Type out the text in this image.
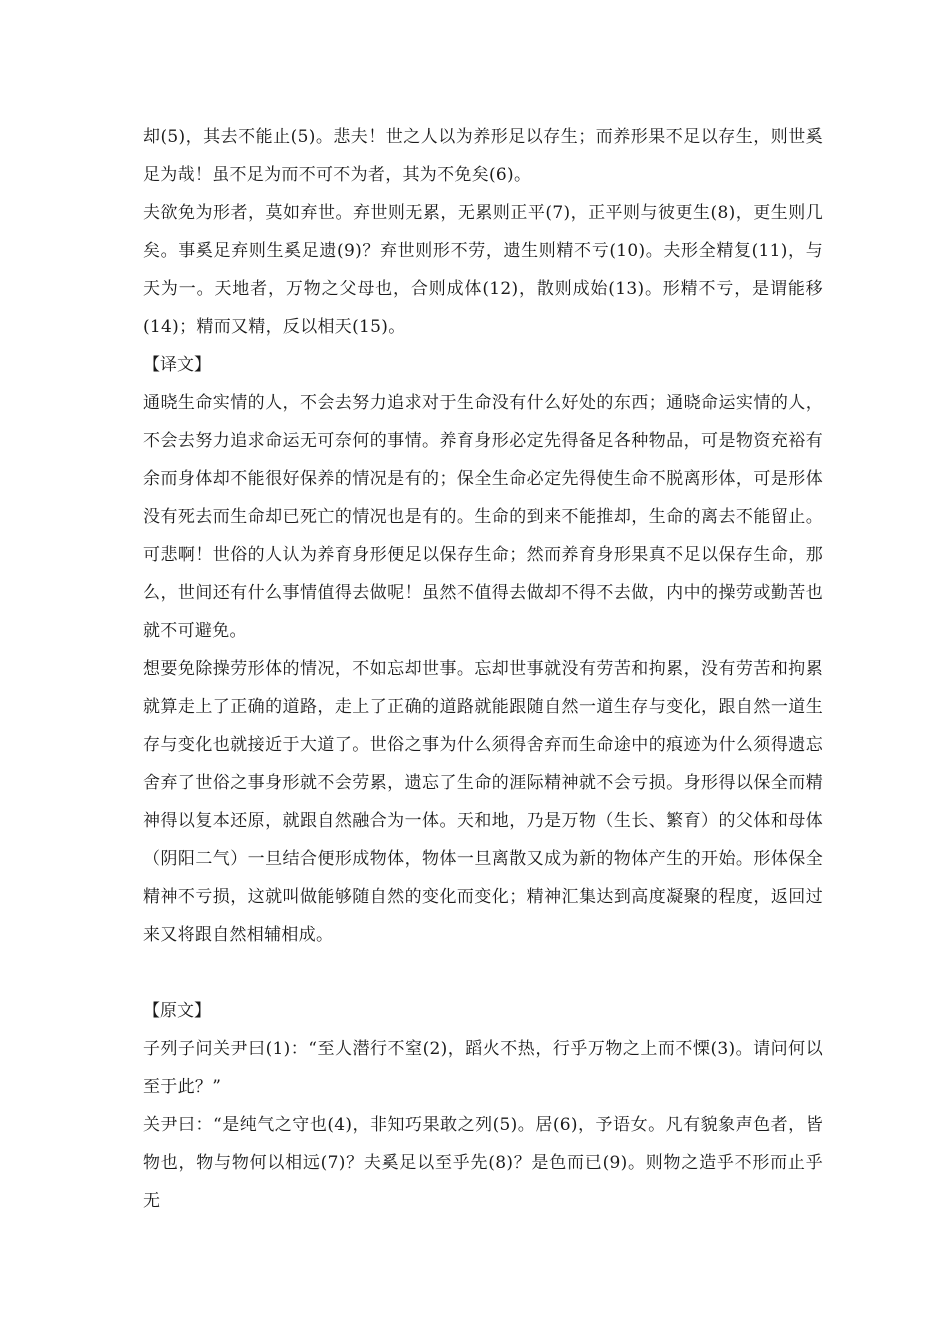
却(5)，其去不能止(5)。悲夫！世之人以为养形足以存生；而养形果不足以存生，则世奚足为哉！虽不足为而不可不为者，其为不免矣(6)。

夫欲免为形者，莫如弃世。弃世则无累，无累则正平(7)，正平则与彼更生(8)，更生则几矣。事奚足弃则生奚足遗(9)？弃世则形不劳，遗生则精不亏(10)。夫形全精复(11)，与天为一。天地者，万物之父母也，合则成体(12)，散则成始(13)。形精不亏，是谓能移(14)；精而又精，反以相天(15)。

【译文】

通晓生命实情的人，不会去努力追求对于生命没有什么好处的东西；通晓命运实情的人，不会去努力追求命运无可奈何的事情。养育身形必定先得备足各种物品，可是物资充裕有余而身体却不能很好保养的情况是有的；保全生命必定先得使生命不脱离形体，可是形体没有死去而生命却已死亡的情况也是有的。生命的到来不能推却，生命的离去不能留止。可悲啊！世俗的人认为养育身形便足以保存生命；然而养育身形果真不足以保存生命，那么，世间还有什么事情值得去做呢！虽然不值得去做却不得不去做，内中的操劳或勤苦也就不可避免。

想要免除操劳形体的情况，不如忘却世事。忘却世事就没有劳苦和拘累，没有劳苦和拘累就算走上了正确的道路，走上了正确的道路就能跟随自然一道生存与变化，跟自然一道生存与变化也就接近于大道了。世俗之事为什么须得舍弃而生命途中的痕迹为什么须得遗忘舍弃了世俗之事身形就不会劳累，遗忘了生命的涯际精神就不会亏损。身形得以保全而精神得以复本还原，就跟自然融合为一体。天和地，乃是万物（生长、繁育）的父体和母体（阴阳二气）一旦结合便形成物体，物体一旦离散又成为新的物体产生的开始。形体保全精神不亏损，这就叫做能够随自然的变化而变化；精神汇集达到高度凝聚的程度，返回过来又将跟自然相辅相成。

【原文】

子列子问关尹曰(1)：“至人潜行不窒(2)，蹈火不热，行乎万物之上而不慄(3)。请问何以至于此？”

关尹曰：“是纯气之守也(4)，非知巧果敢之列(5)。居(6)，予语女。凡有貌象声色者，皆物也，物与物何以相远(7)？夫奚足以至乎先(8)？是色而已(9)。则物之造乎不形而止乎无
